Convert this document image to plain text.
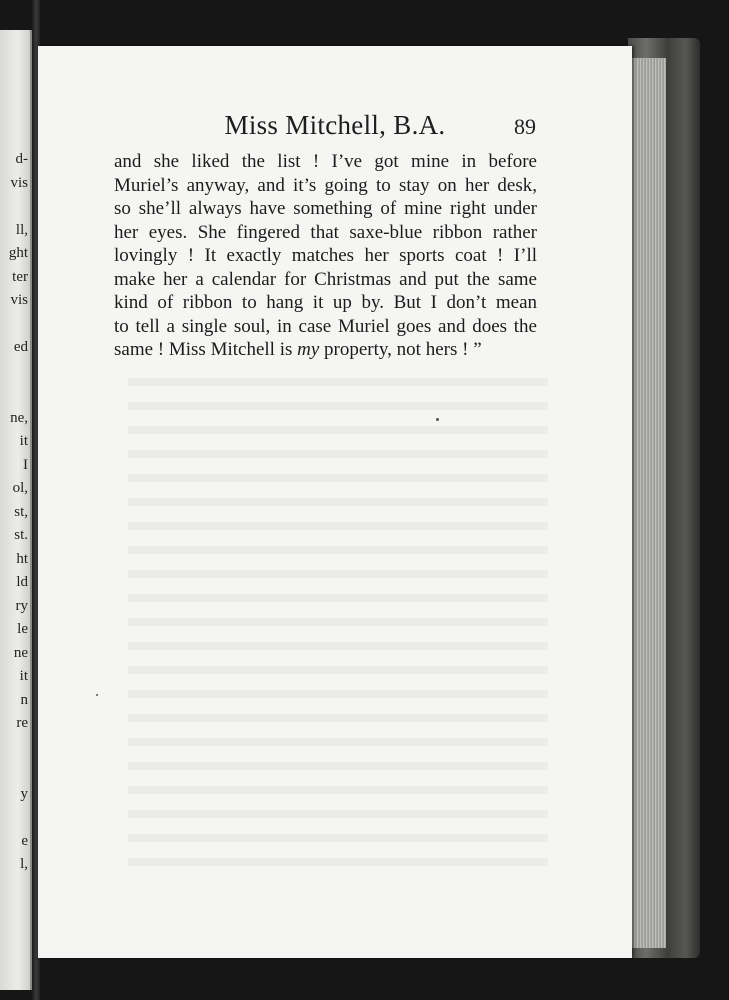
d-
vis
ll,
ght
ter
vis
ed
ne,
it
I
ol,
st,
st.
ht
ld
ry
le
ne
it
n
re
y
e
l,
Miss Mitchell, B.A.	89
and she liked the list ! I’ve got mine in before
Muriel’s anyway, and it’s going to stay on her desk,
so she’ll always have something of mine right under
her eyes. She fingered that saxe-blue ribbon rather
lovingly ! It exactly matches her sports coat ! I’ll
make her a calendar for Christmas and put the same
kind of ribbon to hang it up by. But I don’t mean
to tell a single soul, in case Muriel goes and does the
same ! Miss Mitchell is my property, not hers ! ”
